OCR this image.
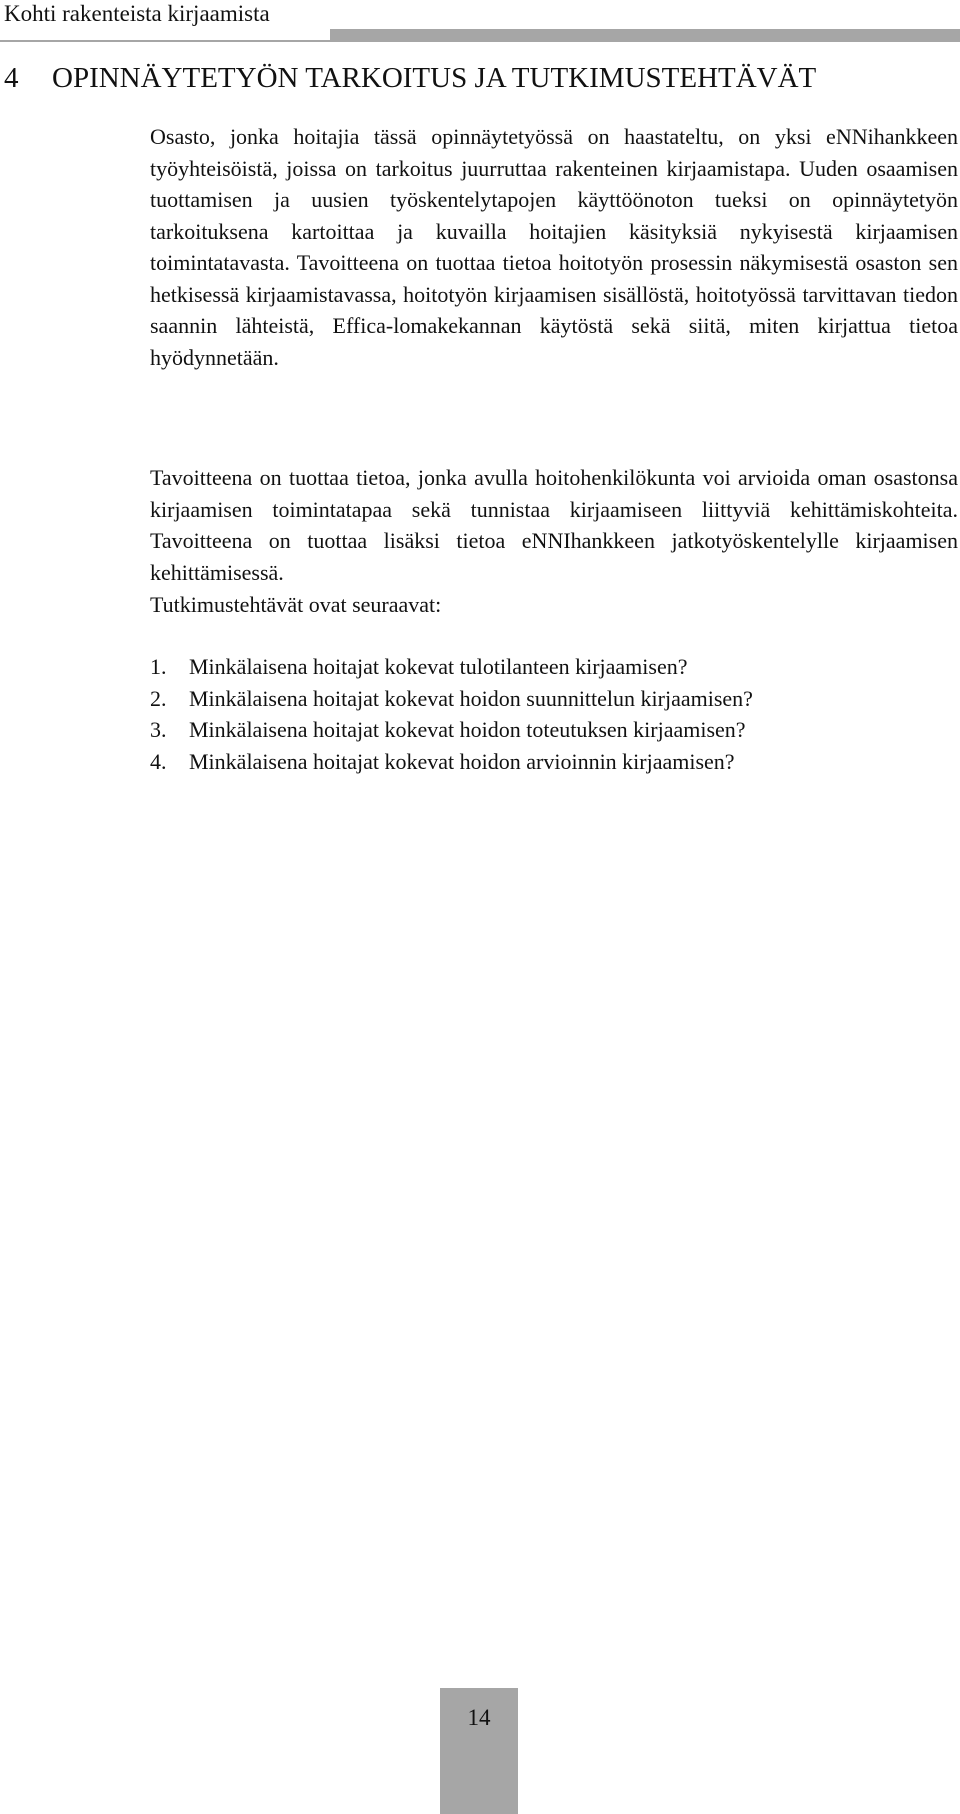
Kohti rakenteista kirjaamista
4 OPINNÄYTETYÖN TARKOITUS JA TUTKIMUSTEHTÄVÄT

Osasto, jonka hoitajia tässä opinnäytetyössä on haastateltu, on yksi eNNihankkeen työyhteisöistä, joissa on tarkoitus juurruttaa rakenteinen kirjaamistapa. Uuden osaamisen tuottamisen ja uusien työskentelytapojen käyttöönoton tueksi on opinnäytetyön tarkoituksena kartoittaa ja kuvailla hoitajien käsityksiä nykyisestä kirjaamisen toimintatavasta. Tavoitteena on tuottaa tietoa hoitotyön prosessin näkymisestä osaston sen hetkisessä kirjaamistavassa, hoitotyön kirjaamisen sisällöstä, hoitotyössä tarvittavan tiedon saannin lähteistä, Effica-lomakekannan käytöstä sekä siitä, miten kirjattua tietoa hyödynnetään.

Tavoitteena on tuottaa tietoa, jonka avulla hoitohenkilökunta voi arvioida oman osastonsa kirjaamisen toimintatapaa sekä tunnistaa kirjaamiseen liittyviä kehittämiskohteita. Tavoitteena on tuottaa lisäksi tietoa eNNIhankkeen jatkotyöskentelylle kirjaamisen kehittämisessä.

Tutkimustehtävät ovat seuraavat:

1.	Minkälaisena hoitajat kokevat tulotilanteen kirjaamisen?
2.	Minkälaisena hoitajat kokevat hoidon suunnittelun kirjaamisen?
3.	Minkälaisena hoitajat kokevat hoidon toteutuksen kirjaamisen?
4.	Minkälaisena hoitajat kokevat hoidon arvioinnin kirjaamisen?
14
